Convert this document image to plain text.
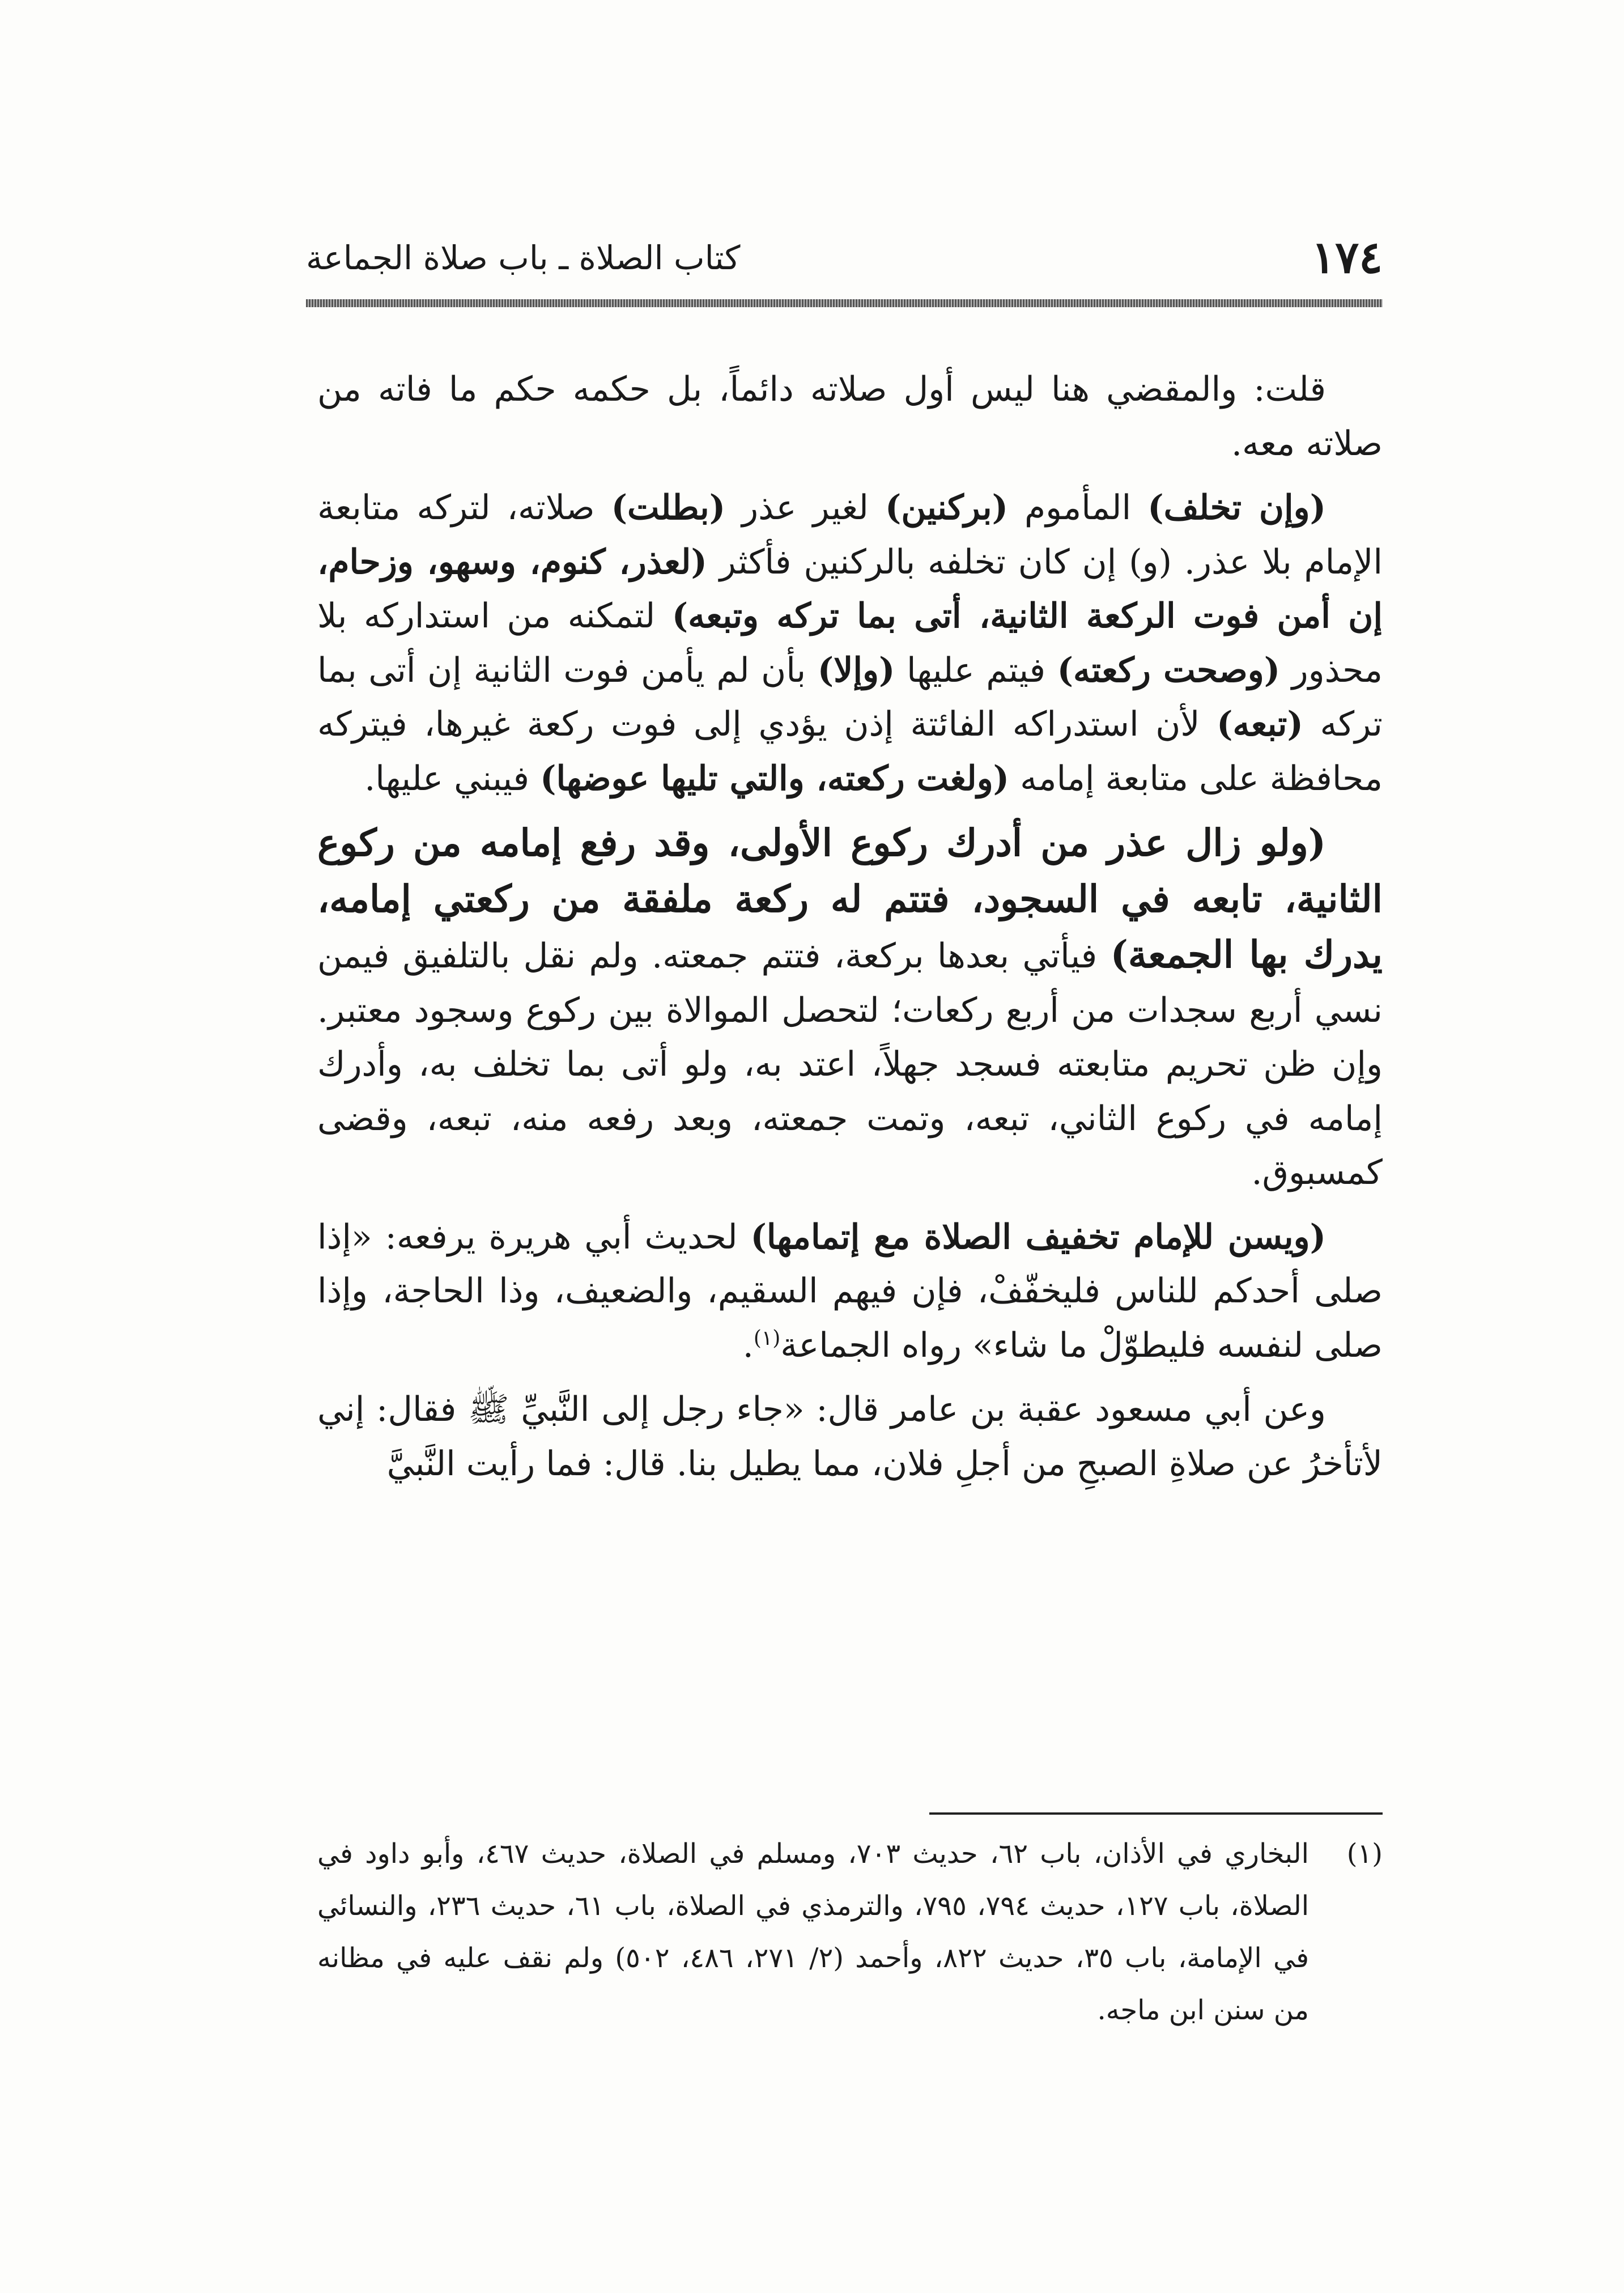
١٧٤
كتاب الصلاة ـ باب صلاة الجماعة

قلت: والمقضي هنا ليس أول صلاته دائماً، بل حكمه حكم ما فاته من صلاته معه.

(وإن تخلف) المأموم (بركنين) لغير عذر (بطلت) صلاته، لتركه متابعة الإمام بلا عذر. (و) إن كان تخلفه بالركنين فأكثر (لعذر، كنوم، وسهو، وزحام، إن أمن فوت الركعة الثانية، أتى بما تركه وتبعه) لتمكنه من استداركه بلا محذور (وصحت ركعته) فيتم عليها (وإلا) بأن لم يأمن فوت الثانية إن أتى بما تركه (تبعه) لأن استدراكه الفائتة إذن يؤدي إلى فوت ركعة غيرها، فيتركه محافظة على متابعة إمامه (ولغت ركعته، والتي تليها عوضها) فيبني عليها.

(ولو زال عذر من أدرك ركوع الأولى، وقد رفع إمامه من ركوع الثانية، تابعه في السجود، فتتم له ركعة ملفقة من ركعتي إمامه، يدرك بها الجمعة) فيأتي بعدها بركعة، فتتم جمعته. ولم نقل بالتلفيق فيمن نسي أربع سجدات من أربع ركعات؛ لتحصل الموالاة بين ركوع وسجود معتبر. وإن ظن تحريم متابعته فسجد جهلاً، اعتد به، ولو أتى بما تخلف به، وأدرك إمامه في ركوع الثاني، تبعه، وتمت جمعته، وبعد رفعه منه، تبعه، وقضى كمسبوق.

(ويسن للإمام تخفيف الصلاة مع إتمامها) لحديث أبي هريرة يرفعه: «إذا صلى أحدكم للناس فليخفّفْ، فإن فيهم السقيم، والضعيف، وذا الحاجة، وإذا صلى لنفسه فليطوّلْ ما شاء» رواه الجماعة$^{(١)}$.

وعن أبي مسعود عقبة بن عامر قال: «جاء رجل إلى النَّبيِّ ﷺ فقال: إني لأتأخرُ عن صلاةِ الصبحِ من أجلِ فلان، مما يطيل بنا. قال: فما رأيت النَّبيَّ

(١)
البخاري في الأذان، باب ٦٢، حديث ٧٠٣، ومسلم في الصلاة، حديث ٤٦٧، وأبو داود في الصلاة، باب ١٢٧، حديث ٧٩٤، ٧٩٥، والترمذي في الصلاة، باب ٦١، حديث ٢٣٦، والنسائي في الإمامة، باب ٣٥، حديث ٨٢٢، وأحمد (٢/ ٢٧١، ٤٨٦، ٥٠٢) ولم نقف عليه في مظانه من سنن ابن ماجه.
